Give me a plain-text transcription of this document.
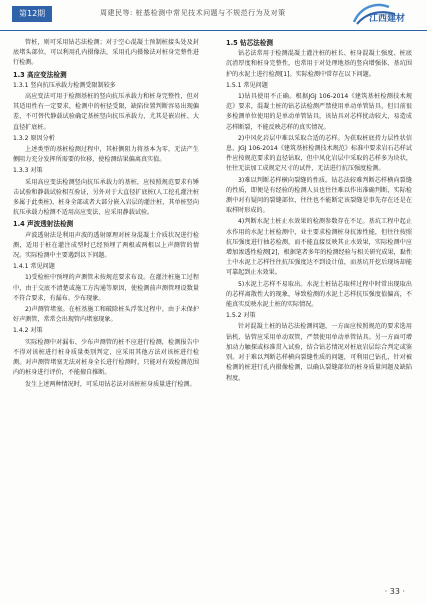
第12期	周建民等: 桩基检测中常见技术问题与不规范行为及对策
江西建材

管桩，则可采用钻芯法检测；对于空心混凝土预制桩接头处及封底堵头部位，可以利用孔内摄像法，采用孔内摄像法对桩身完整性进行检测。

1.3 高应变法检测

1.3.1 竖向抗压承载力检测受限制较多

高应变法可用于检测基桩的竖向抗压承载力和桩身完整性，但对其适用性有一定要求，检测中的桩径受限，缺陷位置判断容易出现偏差，不可替代静载试验确定基桩竖向抗压承载力，尤其是嵌岩桩、大直径扩底桩。

1.3.2 原因分析

上述类型的基桩检测过程中，其桩侧阻力将基本为零，无法产生侧阻力充分发挥所需要的位移，使检测结果偏离真实值。

1.3.3 对策

采用高应变法检测竖向抗压承载力的基桩，应按照规范要求有锤击试验和静载试验相互验证，另外对于大直径扩底桩(人工挖孔灌注桩多属于此类桩)，桩身全部或者大部分嵌入岩层的灌注桩，其单桩竖向抗压承载力检测不适用高应变法，应采用静载试验。

1.4 声波透射法检测

声波透射法是利用声波的透射原理对桩身混凝土介质状况进行检测，适用于桩在灌注成型时已经预埋了两根或两根以上声测管的情况。实际检测中主要遇到以下问题。

1.4.1 常见问题

1)受检桩中预埋的声测管未按规范要求布设。在灌注桩施工过程中，由于交底不清楚或施工方沟通等原因，使检测前声测管埋设数量不符合要求，有漏布、少布现象。

2)声测管堵塞。在桩基施工和破除桩头浮浆过程中，由于未保护好声测管，常常会出现管内堵塞现象。

1.4.2 对策

实际检测中对漏布、少布声测管的桩不应进行检测，检测报告中不得对该桩进行桩身质量类别判定，应采用其他方法对该桩进行检测。对声测管堵塞无法对桩身全长进行检测时，只能对有效检测范围内的桩身进行评价，不能擅自推断。

发生上述两种情况时，可采用钻芯法对该桩桩身质量进行检测。

1.5 钻芯法检测

钻芯法常用于检测混凝土灌注桩的桩长、桩身混凝土强度、桩底沉渣厚度和桩身完整性，也常用于对处理地基的竖向增强体、基坑围护的水泥土进行检测[1]。实际检测中常存在以下问题。

1.5.1 常见问题

1)钻具使用不正确。根据JGJ 106-2014《建筑基桩检测技术规范》要求，混凝土桩的钻芯法检测严禁使用单动单管钻具，但目前很多检测单位使用的是单动单管钻具，该钻具对芯样扰动较大，易造成芯样断裂，不能反映芯样的真实情况。

2)中风化岩层中难以采取合适的芯样。为获取桩底持力层性状信息，JGJ 106-2014《建筑基桩检测技术规范》标准中要求岩石芯样试件应按规范要求的直径钻取，但中风化岩层中采取的芯样多为块状，往往无法加工成规定尺寸的试件，无法进行抗压强度检测。

3)难以判断芯样横向裂缝的性质。钻芯法较难判断芯样横向裂缝的性质，即便是有经验的检测人员也往往难以作出准确判断，实际检测中对有疑问的裂缝部位，往往也不能断定该裂缝是事先存在还是在取样时形成的。

4)判断水泥土桩止水效果的检测参数存在不足。基坑工程中起止水作用的水泥土桩检测中，业主要求检测桩身抗渗性能，但往往按照抗压强度进行抽芯检测，而不能直接反映其止水效果，实际检测中应增加渗透性检测[2]，根据笔者多年的检测经验与相关研究成果，黏性土中水泥土芯样往往抗压强度达不到设计值，而基坑开挖后现场却能可靠起到止水效果。

5)水泥土芯样不易取出。水泥土桩钻芯取样过程中时常出现取出的芯样离散性大的现象，导致检测的水泥土芯样抗压强度值偏高，不能真实反映水泥土桩的实际情况。

1.5.2 对策

针对混凝土桩的钻芯法检测问题，一方面应按照规范的要求选用钻机、钻管应采用单动双管，严禁使用单动单管钻具。另一方面可增加动力触探或标准贯入试验，结合钻芯情况对桩底岩层综合判定或鉴别。对于难以判断芯样横向裂缝性质的问题，可利用已钻孔，针对被检测的桩进行孔内摄像检测，以确认裂缝部位的桩身质量问题及缺陷程度。

· 33 ·
